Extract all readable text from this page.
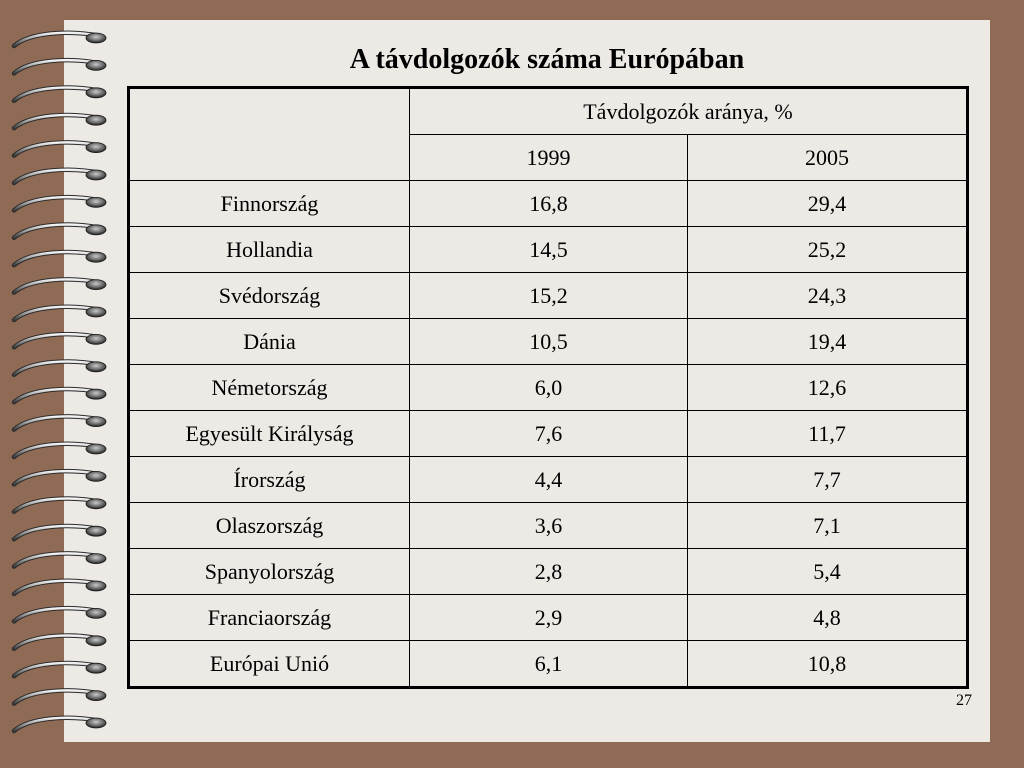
A távdolgozók száma Európában
	Távdolgozók aránya, %	
	1999	2005
Finnország	16,8	29,4
Hollandia	14,5	25,2
Svédország	15,2	24,3
Dánia	10,5	19,4
Németország	6,0	12,6
Egyesült Királyság	7,6	11,7
Írország	4,4	7,7
Olaszország	3,6	7,1
Spanyolország	2,8	5,4
Franciaország	2,9	4,8
Európai Unió	6,1	10,8
27
